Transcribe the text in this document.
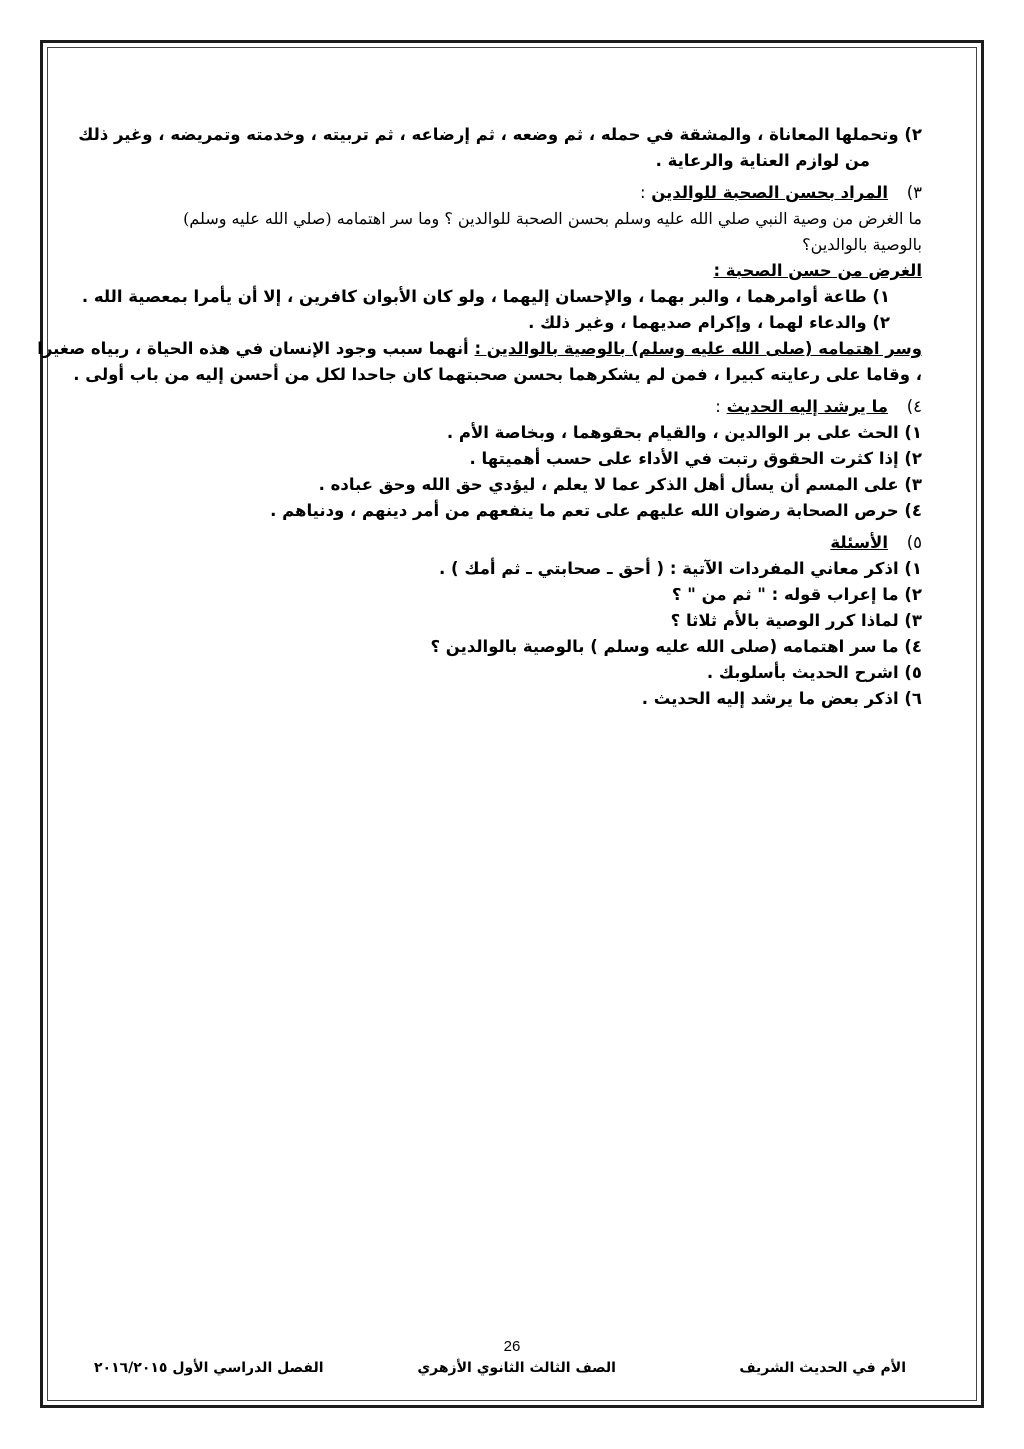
٢) وتحملها المعاناة ، والمشقة في حمله ، ثم وضعه ، ثم إرضاعه ، ثم تربيته ، وخدمته وتمريضه ، وغير ذلك
من لوازم العناية والرعاية .
٣)المراد بحسن الصحبة للوالدين :
ما الغرض من وصية النبي صلي الله عليه وسلم بحسن الصحبة للوالدين ؟ وما سر اهتمامه (صلي الله عليه وسلم)
بالوصية بالوالدين؟
الغرض من حسن الصحبة :
١) طاعة أوامرهما ، والبر بهما ، والإحسان إليهما ، ولو كان الأبوان كافرين ، إلا أن يأمرا بمعصية الله .
٢) والدعاء لهما ، وإكرام صديهما ، وغير ذلك .
وسر اهتمامه (صلى الله عليه وسلم) بالوصية بالوالدين : أنهما سبب وجود الإنسان في هذه الحياة ، ربياه صغيرا
، وقاما على رعايته كبيرا ، فمن لم يشكرهما بحسن صحبتهما كان جاحدا لكل من أحسن إليه من باب أولى .
٤)ما يرشد إليه الحديث :
١) الحث على بر الوالدين ، والقيام بحقوهما ، وبخاصة الأم .
٢) إذا كثرت الحقوق رتبت في الأداء على حسب أهميتها .
٣) على المسم أن يسأل أهل الذكر عما لا يعلم ، ليؤدي حق الله وحق عباده .
٤) حرص الصحابة رضوان الله عليهم على تعم ما ينفعهم من أمر دينهم ، ودنياهم .
٥)الأسئلة
١) اذكر معاني المفردات الآتية : ( أحق ـ صحابتي ـ ثم أمك ) .
٢) ما إعراب قوله : " ثم من " ؟
٣) لماذا كرر الوصية بالأم ثلاثا ؟
٤) ما سر اهتمامه (صلى الله عليه وسلم ) بالوصية بالوالدين ؟
٥) اشرح الحديث بأسلوبك .
٦) اذكر بعض ما يرشد إليه الحديث .
26
الأم في الحديث الشريف
الصف الثالث الثانوي الأزهري
الفصل الدراسي الأول ٢٠١٦/٢٠١٥
